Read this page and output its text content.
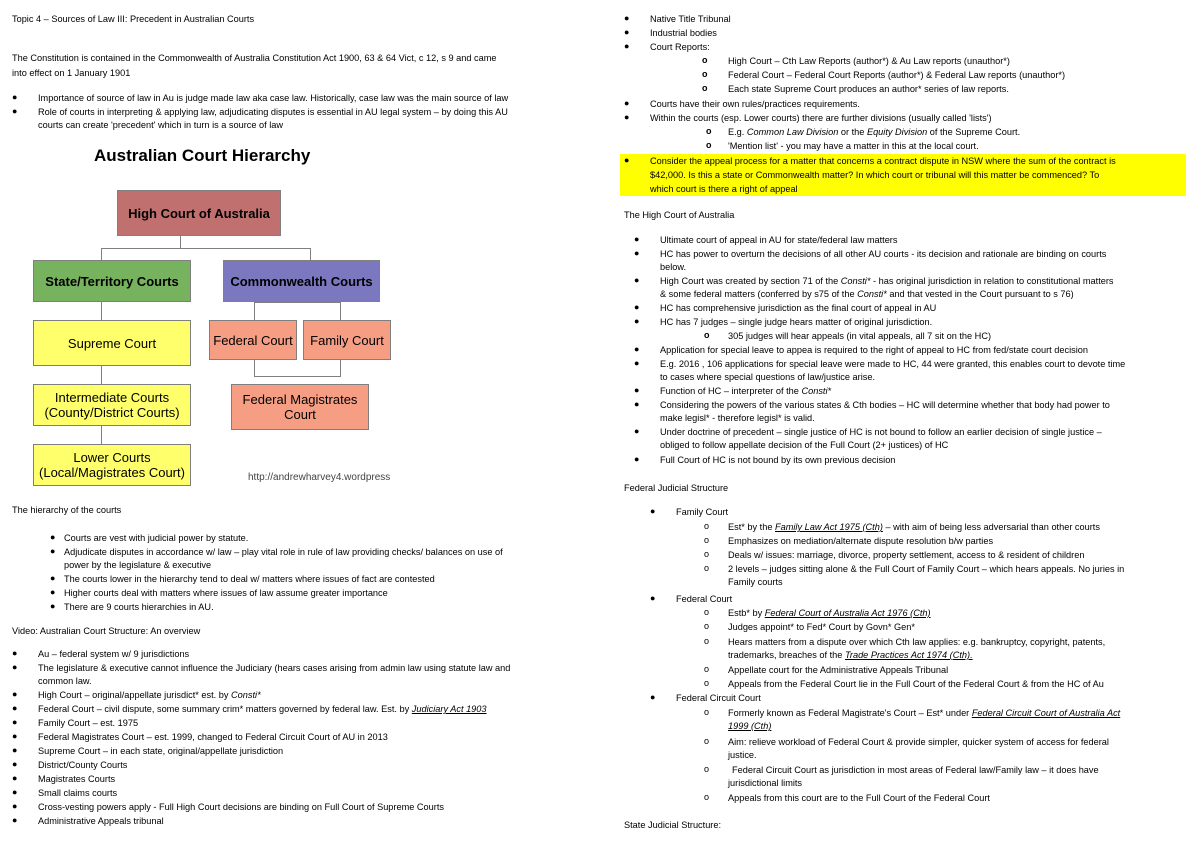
Topic 4 – Sources of Law III: Precedent in Australian Courts
The Constitution is contained in the Commonwealth of Australia Constitution Act 1900, 63 & 64 Vict, c 12, s 9 and came
into effect on 1 January 1901
● Importance of source of law in Au is judge made law aka case law. Historically, case law was the main source of law
● Role of courts in interpreting & applying law, adjudicating disputes is essential in AU legal system – by doing this AU
courts can create 'precedent' which in turn is a source of law
Australian Court Hierarchy
High Court of Australia
State/Territory Courts	Commonwealth Courts
Supreme Court
Intermediate Courts
(County/District Courts)
Lower Courts
(Local/Magistrates Court)
Federal Court	Family Court
Federal Magistrates
Court
http://andrewharvey4.wordpress
The hierarchy of the courts
● Courts are vest with judicial power by statute.
● Adjudicate disputes in accordance w/ law – play vital role in rule of law providing checks/ balances on use of
power by the legislature & executive
● The courts lower in the hierarchy tend to deal w/ matters where issues of fact are contested
● Higher courts deal with matters where issues of law assume greater importance
● There are 9 courts hierarchies in AU.
Video: Australian Court Structure: An overview
● Au – federal system w/ 9 jurisdictions
● The legislature & executive cannot influence the Judiciary (hears cases arising from admin law using statute law and
common law.
● High Court – original/appellate jurisdict* est. by Consti*
● Federal Court – civil dispute, some summary crim* matters governed by federal law. Est. by Judiciary Act 1903
● Family Court – est. 1975
● Federal Magistrates Court – est. 1999, changed to Federal Circuit Court of AU in 2013
● Supreme Court – in each state, original/appellate jurisdiction
● District/County Courts
● Magistrates Courts
● Small claims courts
● Cross-vesting powers apply - Full High Court decisions are binding on Full Court of Supreme Courts
● Administrative Appeals tribunal
● Native Title Tribunal
● Industrial bodies
● Court Reports:
o High Court – Cth Law Reports (author*) & Au Law reports (unauthor*)
o Federal Court – Federal Court Reports (author*) & Federal Law reports (unauthor*)
o Each state Supreme Court produces an author* series of law reports.
● Courts have their own rules/practices requirements.
● Within the courts (esp. Lower courts) there are further divisions (usually called 'lists')
o E.g. Common Law Division or the Equity Division of the Supreme Court.
o 'Mention list' - you may have a matter in this at the local court.
● Consider the appeal process for a matter that concerns a contract dispute in NSW where the sum of the contract is
$42,000. Is this a state or Commonwealth matter? In which court or tribunal will this matter be commenced? To
which court is there a right of appeal
The High Court of Australia
● Ultimate court of appeal in AU for state/federal law matters
● HC has power to overturn the decisions of all other AU courts - its decision and rationale are binding on courts
below.
● High Court was created by section 71 of the Consti* - has original jurisdiction in relation to constitutional matters
& some federal matters (conferred by s75 of the Consti* and that vested in the Court pursuant to s 76)
● HC has comprehensive jurisdiction as the final court of appeal in AU
● HC has 7 judges – single judge hears matter of original jurisdiction.
o 305 judges will hear appeals (in vital appeals, all 7 sit on the HC)
● Application for special leave to appea is required to the right of appeal to HC from fed/state court decision
● E.g. 2016 , 106 applications for special leave were made to HC, 44 were granted, this enables court to devote time
to cases where special questions of law/justice arise.
● Function of HC – interpreter of the Consti*
● Considering the powers of the various states & Cth bodies – HC will determine whether that body had power to
make legisl* - therefore legisl* is valid.
● Under doctrine of precedent – single justice of HC is not bound to follow an earlier decision of single justice –
obliged to follow appellate decision of the Full Court (2+ justices) of HC
● Full Court of HC is not bound by its own previous decision
Federal Judicial Structure
● Family Court
o Est* by the Family Law Act 1975 (Cth) – with aim of being less adversarial than other courts
o Emphasizes on mediation/alternate dispute resolution b/w parties
o Deals w/ issues: marriage, divorce, property settlement, access to & resident of children
o 2 levels – judges sitting alone & the Full Court of Family Court – which hears appeals. No juries in
Family courts
● Federal Court
o Estb* by Federal Court of Australia Act 1976 (Cth)
o Judges appoint* to Fed* Court by Govn* Gen*
o Hears matters from a dispute over which Cth law applies: e.g. bankruptcy, copyright, patents,
trademarks, breaches of the Trade Practices Act 1974 (Cth).
o Appellate court for the Administrative Appeals Tribunal
o Appeals from the Federal Court lie in the Full Court of the Federal Court & from the HC of Au
● Federal Circuit Court
o Formerly known as Federal Magistrate's Court – Est* under Federal Circuit Court of Australia Act
1999 (Cth)
o Aim: relieve workload of Federal Court & provide simpler, quicker system of access for federal
justice.
o Federal Circuit Court as jurisdiction in most areas of Federal law/Family law – it does have
jurisdictional limits
o Appeals from this court are to the Full Court of the Federal Court
State Judicial Structure:
